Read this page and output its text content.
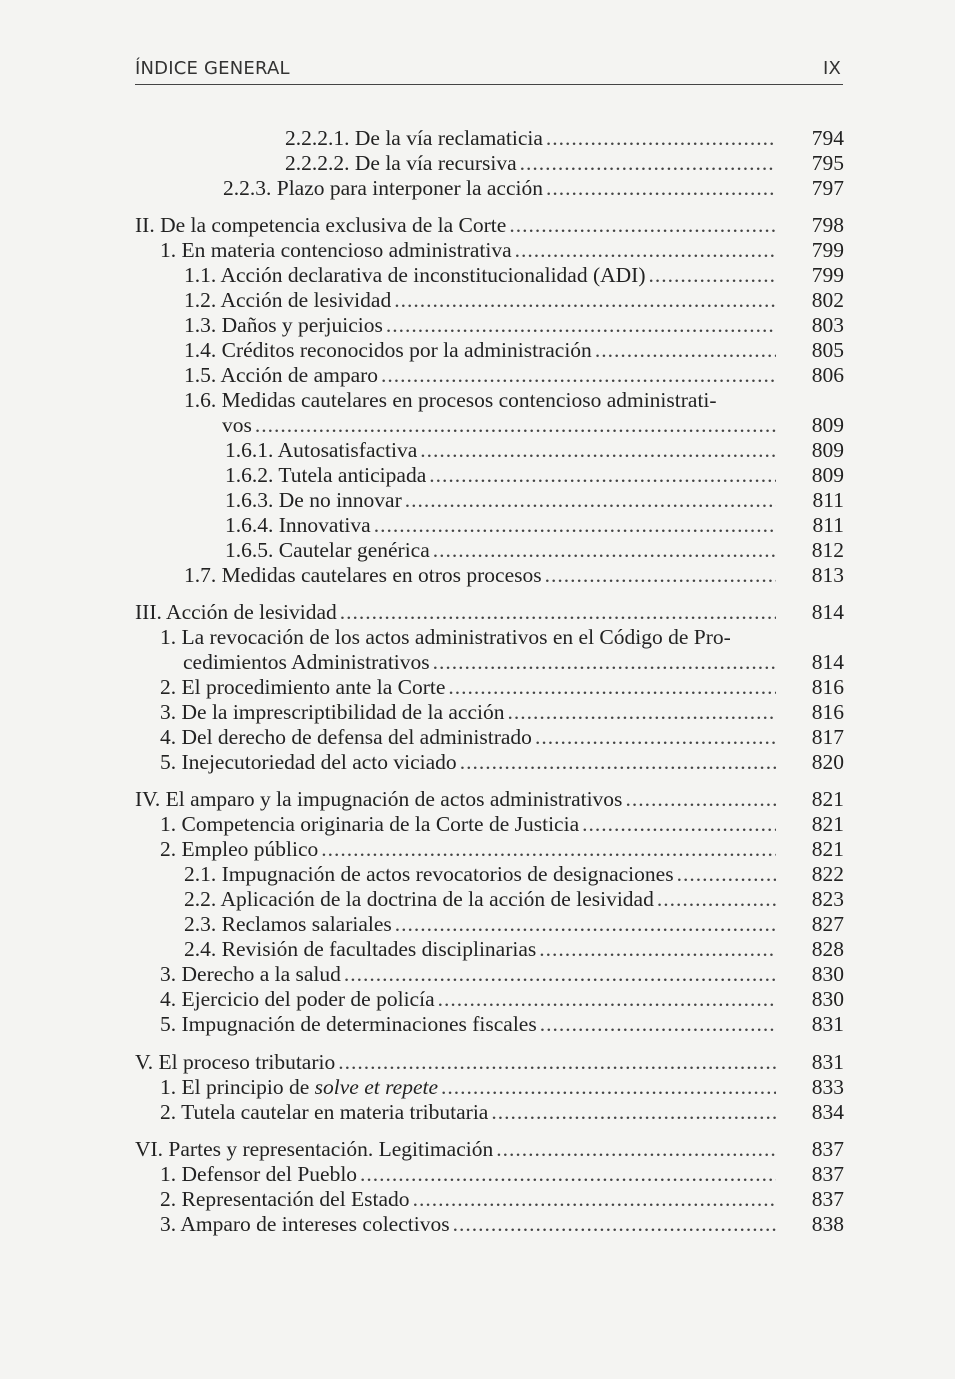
ÍNDICE GENERAL	IX
2.2.2.1. De la vía reclamaticia .....	794
2.2.2.2. De la vía recursiva .....	795
2.2.3. Plazo para interponer la acción .....	797
II. De la competencia exclusiva de la Corte .....	798
1. En materia contencioso administrativa .....	799
1.1. Acción declarativa de inconstitucionalidad (ADI) .....	799
1.2. Acción de lesividad .....	802
1.3. Daños y perjuicios .....	803
1.4. Créditos reconocidos por la administración .....	805
1.5. Acción de amparo .....	806
1.6. Medidas cautelares en procesos contencioso administrati-
vos .....	809
1.6.1. Autosatisfactiva .....	809
1.6.2. Tutela anticipada .....	809
1.6.3. De no innovar .....	811
1.6.4. Innovativa .....	811
1.6.5. Cautelar genérica .....	812
1.7. Medidas cautelares en otros procesos .....	813
III. Acción de lesividad .....	814
1. La revocación de los actos administrativos en el Código de Pro-
cedimientos Administrativos .....	814
2. El procedimiento ante la Corte .....	816
3. De la imprescriptibilidad de la acción .....	816
4. Del derecho de defensa del administrado .....	817
5. Inejecutoriedad del acto viciado .....	820
IV. El amparo y la impugnación de actos administrativos .....	821
1. Competencia originaria de la Corte de Justicia .....	821
2. Empleo público .....	821
2.1. Impugnación de actos revocatorios de designaciones .....	822
2.2. Aplicación de la doctrina de la acción de lesividad .....	823
2.3. Reclamos salariales .....	827
2.4. Revisión de facultades disciplinarias .....	828
3. Derecho a la salud .....	830
4. Ejercicio del poder de policía .....	830
5. Impugnación de determinaciones fiscales .....	831
V. El proceso tributario .....	831
1. El principio de solve et repete .....	833
2. Tutela cautelar en materia tributaria .....	834
VI. Partes y representación. Legitimación .....	837
1. Defensor del Pueblo .....	837
2. Representación del Estado .....	837
3. Amparo de intereses colectivos .....	838
